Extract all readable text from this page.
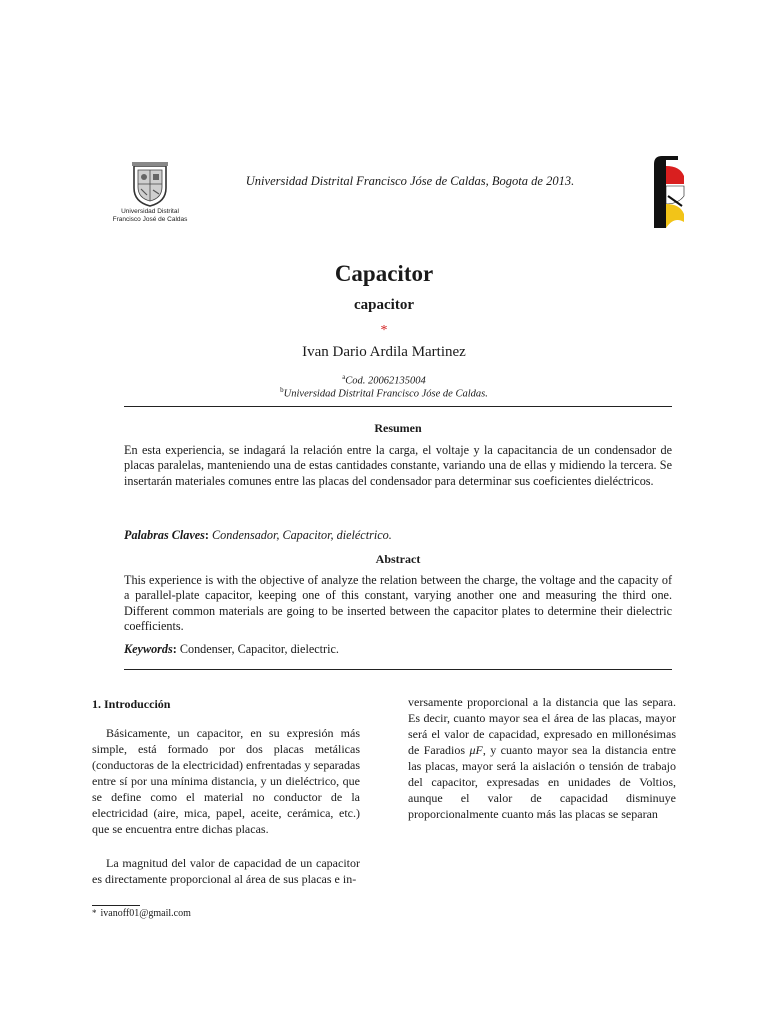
Universidad Distrital
Francisco José de Caldas
Universidad Distrital Francisco Jóse de Caldas, Bogota de 2013.
Capacitor
capacitor
*
Ivan Dario Ardila Martinez
$^a$Cod. 20062135004
$^b$Universidad Distrital Francisco Jóse de Caldas.
Resumen
En esta experiencia, se indagará la relación entre la carga, el voltaje y la capacitancia de un condensador de placas paralelas, manteniendo una de estas cantidades constante, variando una de ellas y midiendo la tercera. Se insertarán materiales comunes entre las placas del condensador para determinar sus coeficientes dieléctricos.
Palabras Claves: Condensador, Capacitor, dieléctrico.
Abstract
This experience is with the objective of analyze the relation between the charge, the voltage and the capacity of a parallel-plate capacitor, keeping one of this constant, varying another one and measuring the third one. Different common materials are going to be inserted between the capacitor plates to determine their dielectric coefficients.
Keywords: Condenser, Capacitor, dielectric.
1. Introducción

Básicamente, un capacitor, en su expresión más simple, está formado por dos placas metálicas (conductoras de la electricidad) enfrentadas y separadas entre sí por una mínima distancia, y un dieléctrico, que se define como el material no conductor de la electricidad (aire, mica, papel, aceite, cerámica, etc.) que se encuentra entre dichas placas.

La magnitud del valor de capacidad de un capacitor es directamente proporcional al área de sus placas e in-

versamente proporcional a la distancia que las separa. Es decir, cuanto mayor sea el área de las placas, mayor será el valor de capacidad, expresado en millonésimas de Faradios μF, y cuanto mayor sea la distancia entre las placas, mayor será la aislación o tensión de trabajo del capacitor, expresadas en unidades de Voltios, aunque el valor de capacidad disminuye proporcionalmente cuanto más las placas se separan

* ivanoff01@gmail.com
